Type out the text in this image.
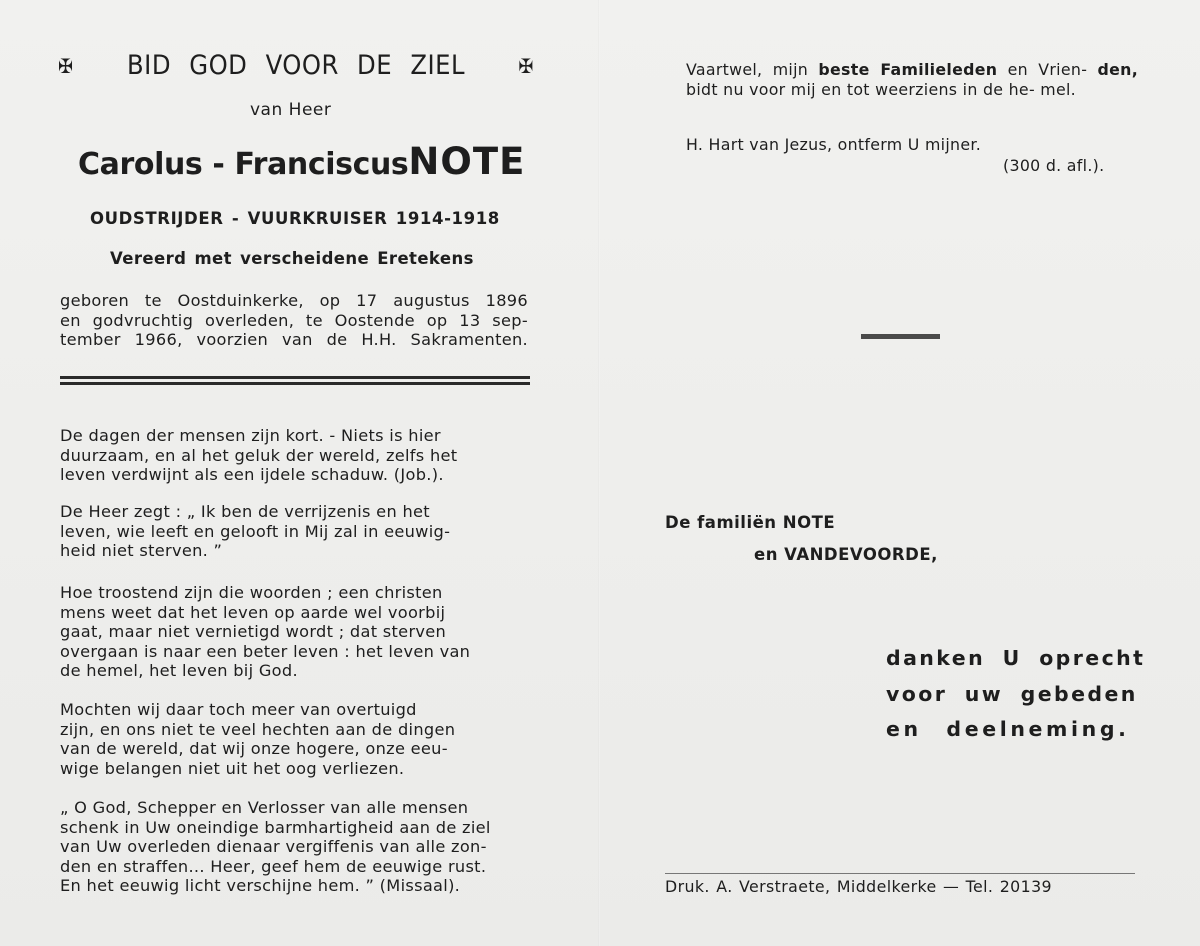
✠ BID GOD VOOR DE ZIEL	✠
van Heer
Carolus - Franciscus NOTE
OUDSTRIJDER - VUURKRUISER 1914-1918
Vereerd met verscheidene Eretekens
geboren te Oostduinkerke, op 17 augustus 1896
en godvruchtig overleden, te Oostende op 13 sep-
tember 1966, voorzien van de H.H. Sakramenten.
De dagen der mensen zijn kort. - Niets is hier
duurzaam, en al het geluk der wereld, zelfs het
leven verdwijnt als een ijdele schaduw. (Job.).
De Heer zegt : „ Ik ben de verrijzenis en het
leven, wie leeft en gelooft in Mij zal in eeuwig-
heid niet sterven. ”
Hoe troostend zijn die woorden ; een christen
mens weet dat het leven op aarde wel voorbij
gaat, maar niet vernietigd wordt ; dat sterven
overgaan is naar een beter leven : het leven van
de hemel, het leven bij God.
Mochten wij daar toch meer van overtuigd
zijn, en ons niet te veel hechten aan de dingen
van de wereld, dat wij onze hogere, onze eeu-
wige belangen niet uit het oog verliezen.
„ O God, Schepper en Verlosser van alle mensen
schenk in Uw oneindige barmhartigheid aan de ziel
van Uw overleden dienaar vergiffenis van alle zon-
den en straffen... Heer, geef hem de eeuwige rust.
En het eeuwig licht verschijne hem. ” (Missaal).
Vaartwel, mijn beste Familieleden en Vrien- den, bidt nu voor mij en tot weerziens in de he- mel.
H. Hart van Jezus, ontferm U mijner.
(300 d. afl.).
De familiën NOTE
en VANDEVOORDE,
danken U oprecht
voor uw gebeden
en deelneming.
Druk. A. Verstraete, Middelkerke — Tel. 20139
